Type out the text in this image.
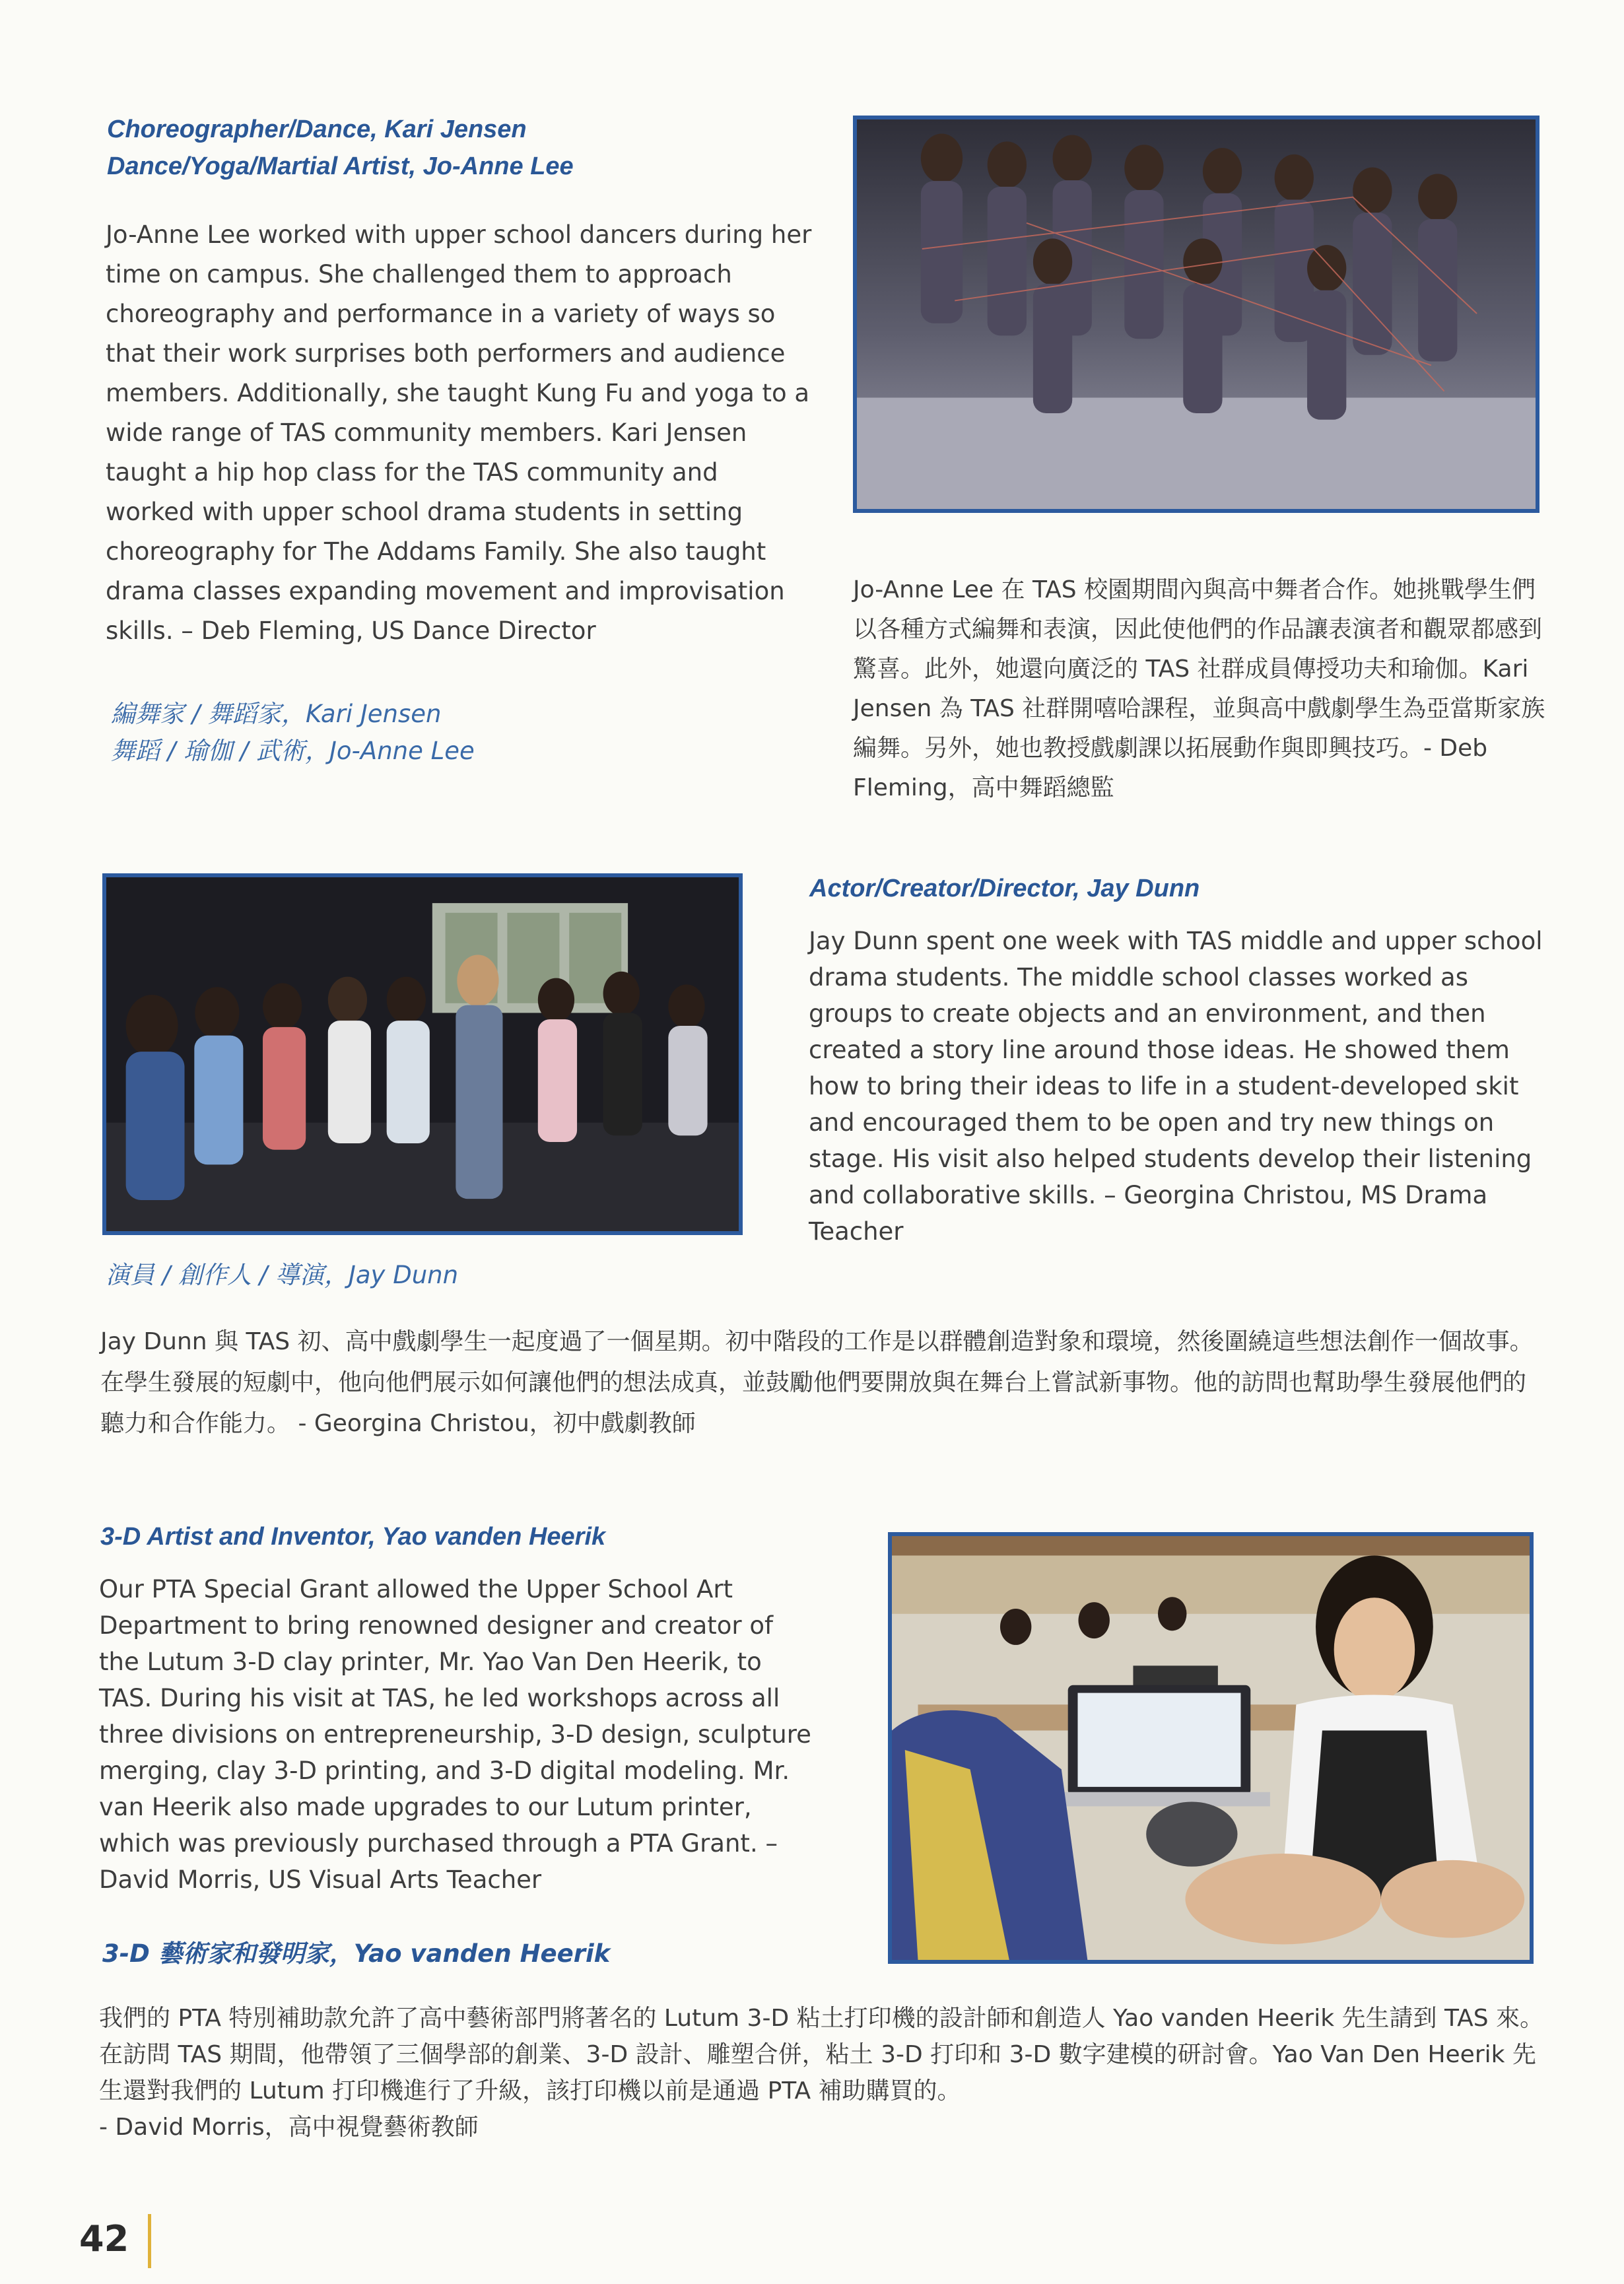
Choreographer/Dance, Kari Jensen

Dance/Yoga/Martial Artist, Jo-Anne Lee

Jo-Anne Lee worked with upper school dancers during her time on campus. She challenged them to approach choreography and performance in a variety of ways so that their work surprises both performers and audience members. Additionally, she taught Kung Fu and yoga to a wide range of TAS community members. Kari Jensen taught a hip hop class for the TAS community and worked with upper school drama students in setting choreography for The Addams Family. She also taught drama classes expanding movement and improvisation skills. – Deb Fleming, US Dance Director

編舞家 / 舞蹈家，Kari Jensen

舞蹈 / 瑜伽 / 武術，Jo-Anne Lee

Jo-Anne Lee 在 TAS 校園期間內與高中舞者合作。她挑戰學生們以各種方式編舞和表演，因此使他們的作品讓表演者和觀眾都感到驚喜。此外，她還向廣泛的 TAS 社群成員傳授功夫和瑜伽。Kari Jensen 為 TAS 社群開嘻哈課程，並與高中戲劇學生為亞當斯家族編舞。另外，她也教授戲劇課以拓展動作與即興技巧。- Deb Fleming，高中舞蹈總監

Actor/Creator/Director, Jay Dunn

Jay Dunn spent one week with TAS middle and upper school drama students. The middle school classes worked as groups to create objects and an environment, and then created a story line around those ideas. He showed them how to bring their ideas to life in a student-developed skit and encouraged them to be open and try new things on stage. His visit also helped students develop their listening and collaborative skills. – Georgina Christou, MS Drama Teacher

演員 / 創作人 / 導演，Jay Dunn

Jay Dunn 與 TAS 初、高中戲劇學生一起度過了一個星期。初中階段的工作是以群體創造對象和環境，然後圍繞這些想法創作一個故事。在學生發展的短劇中，他向他們展示如何讓他們的想法成真，並鼓勵他們要開放與在舞台上嘗試新事物。他的訪問也幫助學生發展他們的聽力和合作能力。 - Georgina Christou，初中戲劇教師

3-D Artist and Inventor, Yao vanden Heerik

Our PTA Special Grant allowed the Upper School Art Department to bring renowned designer and creator of the Lutum 3-D clay printer, Mr. Yao Van Den Heerik, to TAS. During his visit at TAS, he led workshops across all three divisions on entrepreneurship, 3-D design, sculpture merging, clay 3-D printing, and 3-D digital modeling. Mr. van Heerik also made upgrades to our Lutum printer, which was previously purchased through a PTA Grant. – David Morris, US Visual Arts Teacher

3-D 藝術家和發明家，Yao vanden Heerik

我們的 PTA 特別補助款允許了高中藝術部門將著名的 Lutum 3-D 粘土打印機的設計師和創造人 Yao vanden Heerik 先生請到 TAS 來。在訪問 TAS 期間，他帶領了三個學部的創業、3-D 設計、雕塑合併，粘土 3-D 打印和 3-D 數字建模的研討會。Yao Van Den Heerik 先生還對我們的 Lutum 打印機進行了升級，該打印機以前是通過 PTA 補助購買的。

- David Morris，高中視覺藝術教師

42
